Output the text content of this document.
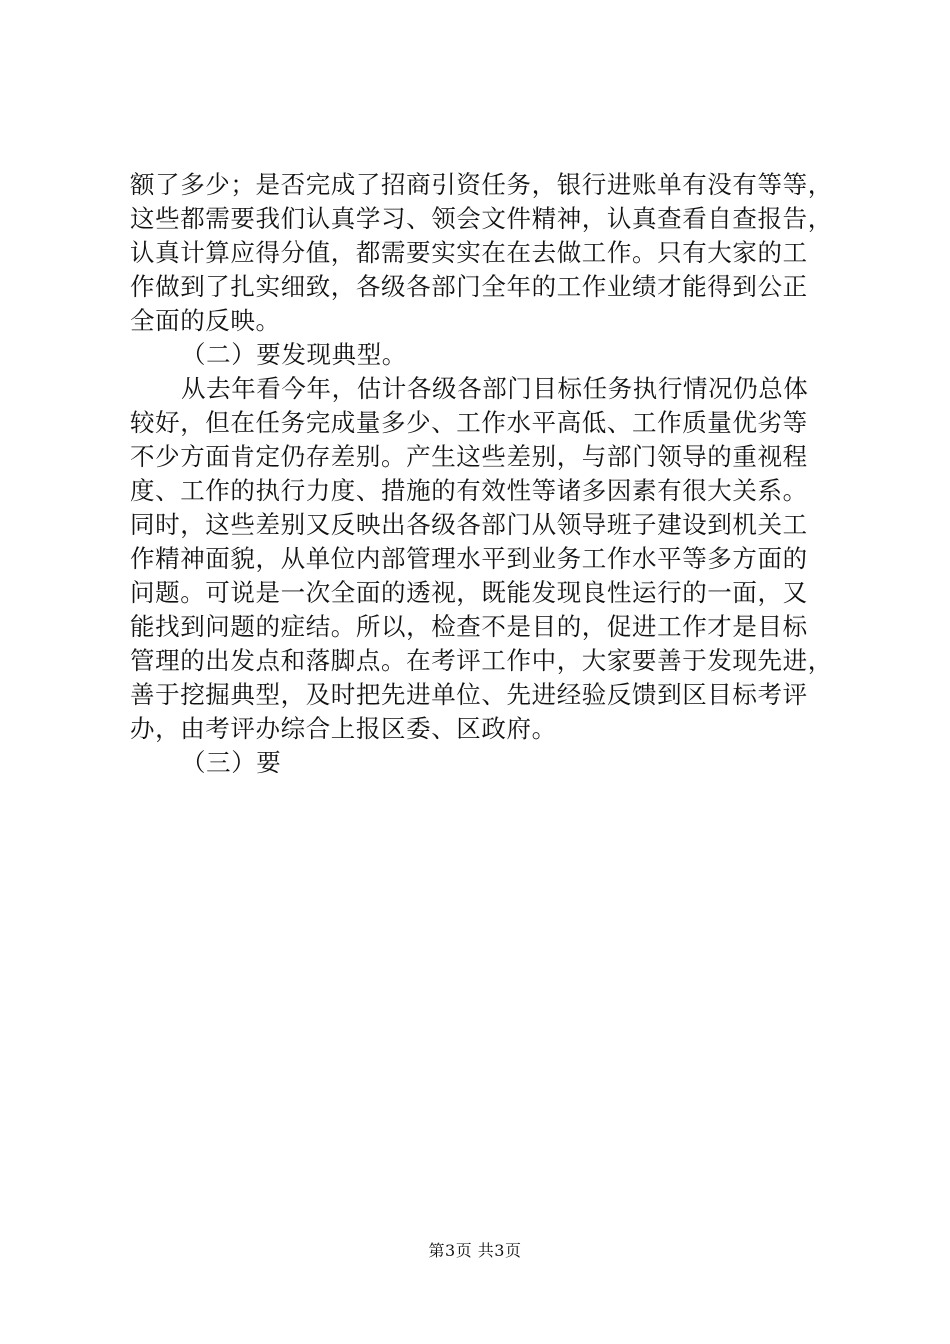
额了多少；是否完成了招商引资任务，银行进账单有没有等等，
这些都需要我们认真学习、领会文件精神，认真查看自查报告，
认真计算应得分值，都需要实实在在去做工作。只有大家的工
作做到了扎实细致，各级各部门全年的工作业绩才能得到公正
全面的反映。
（二）要发现典型。
从去年看今年，估计各级各部门目标任务执行情况仍总体
较好，但在任务完成量多少、工作水平高低、工作质量优劣等
不少方面肯定仍存差别。产生这些差别，与部门领导的重视程
度、工作的执行力度、措施的有效性等诸多因素有很大关系。
同时，这些差别又反映出各级各部门从领导班子建设到机关工
作精神面貌，从单位内部管理水平到业务工作水平等多方面的
问题。可说是一次全面的透视，既能发现良性运行的一面，又
能找到问题的症结。所以，检查不是目的，促进工作才是目标
管理的出发点和落脚点。在考评工作中，大家要善于发现先进，
善于挖掘典型，及时把先进单位、先进经验反馈到区目标考评
办，由考评办综合上报区委、区政府。
（三）要
第3页 共3页
